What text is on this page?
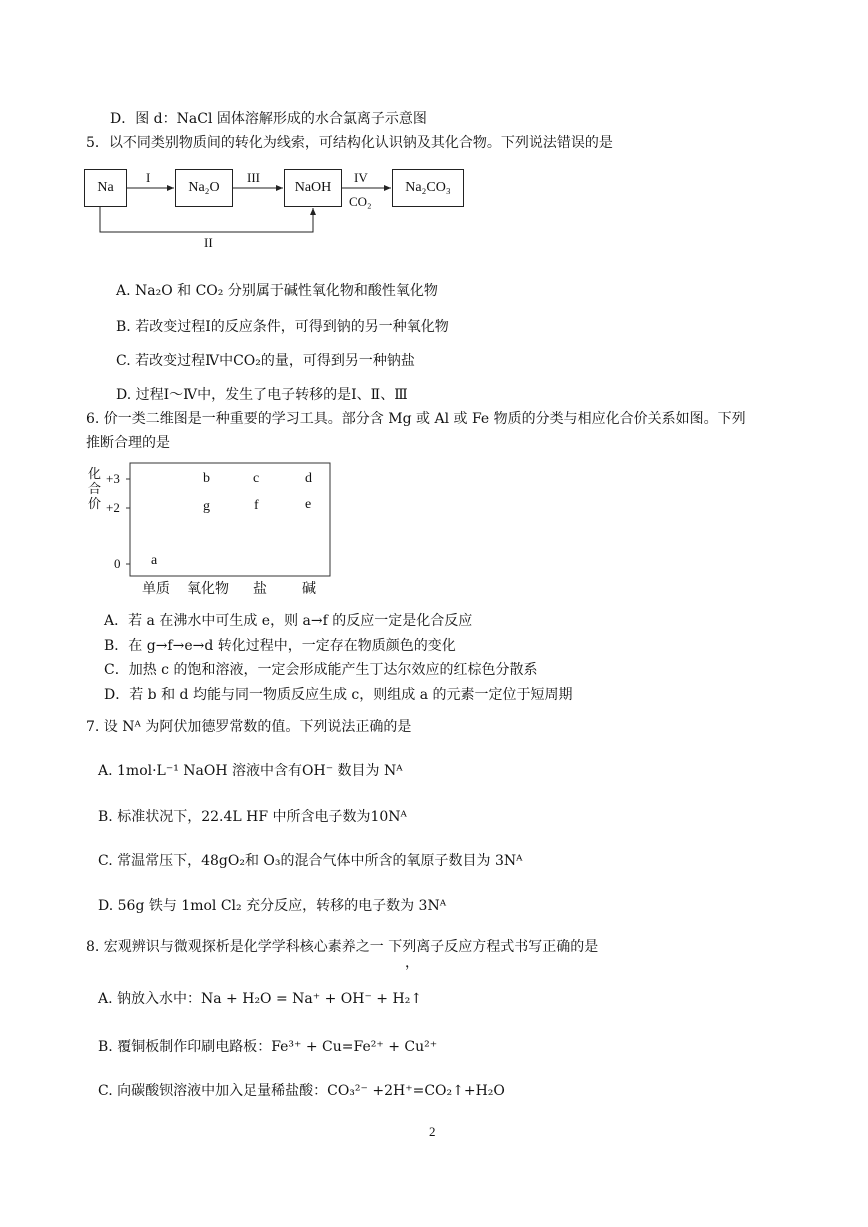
D．图 d：NaCl 固体溶解形成的水合氯离子示意图
5．以不同类别物质间的转化为线索，可结构化认识钠及其化合物。下列说法错误的是
Na	Na₂O	NaOH	Na₂CO₃
I	III	IV
CO₂
II
A. Na₂O 和 CO₂ 分别属于碱性氧化物和酸性氧化物
B. 若改变过程Ⅰ的反应条件，可得到钠的另一种氧化物
C. 若改变过程Ⅳ中CO₂的量，可得到另一种钠盐
D. 过程Ⅰ～Ⅳ中，发生了电子转移的是Ⅰ、Ⅱ、Ⅲ
6. 价一类二维图是一种重要的学习工具。部分含 Mg 或 Al 或 Fe 物质的分类与相应化合价关系如图。下列
推断合理的是
化合价
+3
+2
0 a
b	c	d
e
f
g
单质 氧化物 盐	碱
A．若 a 在沸水中可生成 e，则 a→f 的反应一定是化合反应
B．在 g→f→e→d 转化过程中，一定存在物质颜色的变化
C．加热 c 的饱和溶液，一定会形成能产生丁达尔效应的红棕色分散系
D．若 b 和 d 均能与同一物质反应生成 c，则组成 a 的元素一定位于短周期
7. 设 Nᴬ 为阿伏加德罗常数的值。下列说法正确的是
A. 1mol·L⁻¹ NaOH 溶液中含有OH⁻ 数目为 Nᴬ
B. 标准状况下，22.4L HF 中所含电子数为10Nᴬ
C. 常温常压下，48gO₂和 O₃的混合气体中所含的氧原子数目为 3Nᴬ
D. 56g 铁与 1mol Cl₂ 充分反应，转移的电子数为 3Nᴬ
8. 宏观辨识与微观探析是化学学科核心素养之一 下列离子反应方程式书写正确的是
，
A. 钠放入水中：Na + H₂O = Na⁺ + OH⁻ + H₂↑
B. 覆铜板制作印刷电路板：Fe³⁺ + Cu=Fe²⁺ + Cu²⁺
C. 向碳酸钡溶液中加入足量稀盐酸：CO₃²⁻ +2H⁺=CO₂↑+H₂O
2
